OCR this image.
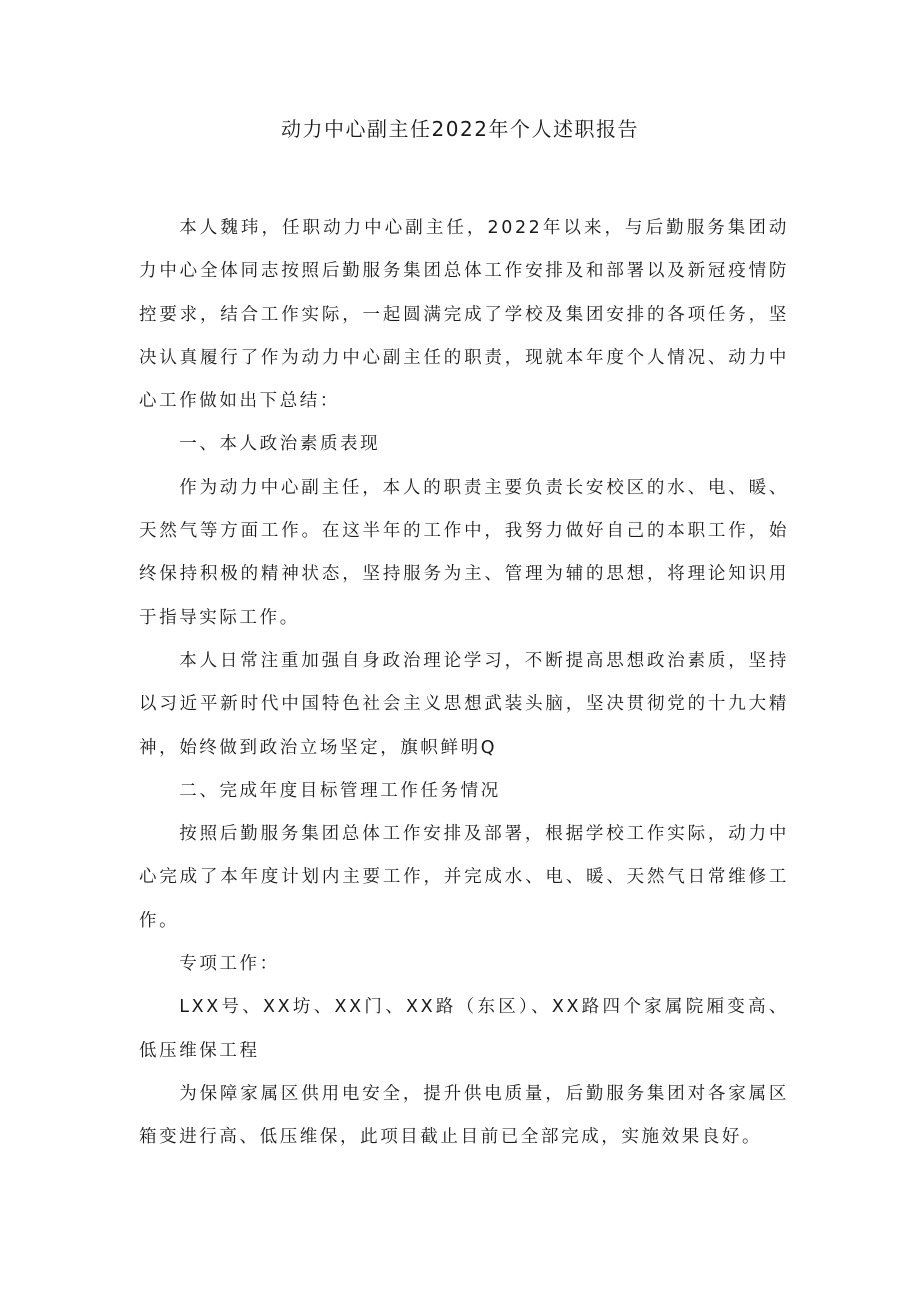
动力中心副主任2022年个人述职报告

本人魏玮，任职动力中心副主任，2022年以来，与后勤服务集团动力中心全体同志按照后勤服务集团总体工作安排及和部署以及新冠疫情防控要求，结合工作实际，一起圆满完成了学校及集团安排的各项任务，坚决认真履行了作为动力中心副主任的职责，现就本年度个人情况、动力中心工作做如出下总结：

一、本人政治素质表现

作为动力中心副主任，本人的职责主要负责长安校区的水、电、暖、天然气等方面工作。在这半年的工作中，我努力做好自己的本职工作，始终保持积极的精神状态，坚持服务为主、管理为辅的思想，将理论知识用于指导实际工作。

本人日常注重加强自身政治理论学习，不断提高思想政治素质，坚持以习近平新时代中国特色社会主义思想武装头脑，坚决贯彻党的十九大精神，始终做到政治立场坚定，旗帜鲜明Q

二、完成年度目标管理工作任务情况

按照后勤服务集团总体工作安排及部署，根据学校工作实际，动力中心完成了本年度计划内主要工作，并完成水、电、暖、天然气日常维修工作。

专项工作：

LXX号、XX坊、XX门、XX路（东区）、XX路四个家属院厢变高、低压维保工程

为保障家属区供用电安全，提升供电质量，后勤服务集团对各家属区箱变进行高、低压维保，此项目截止目前已全部完成，实施效果良好。
